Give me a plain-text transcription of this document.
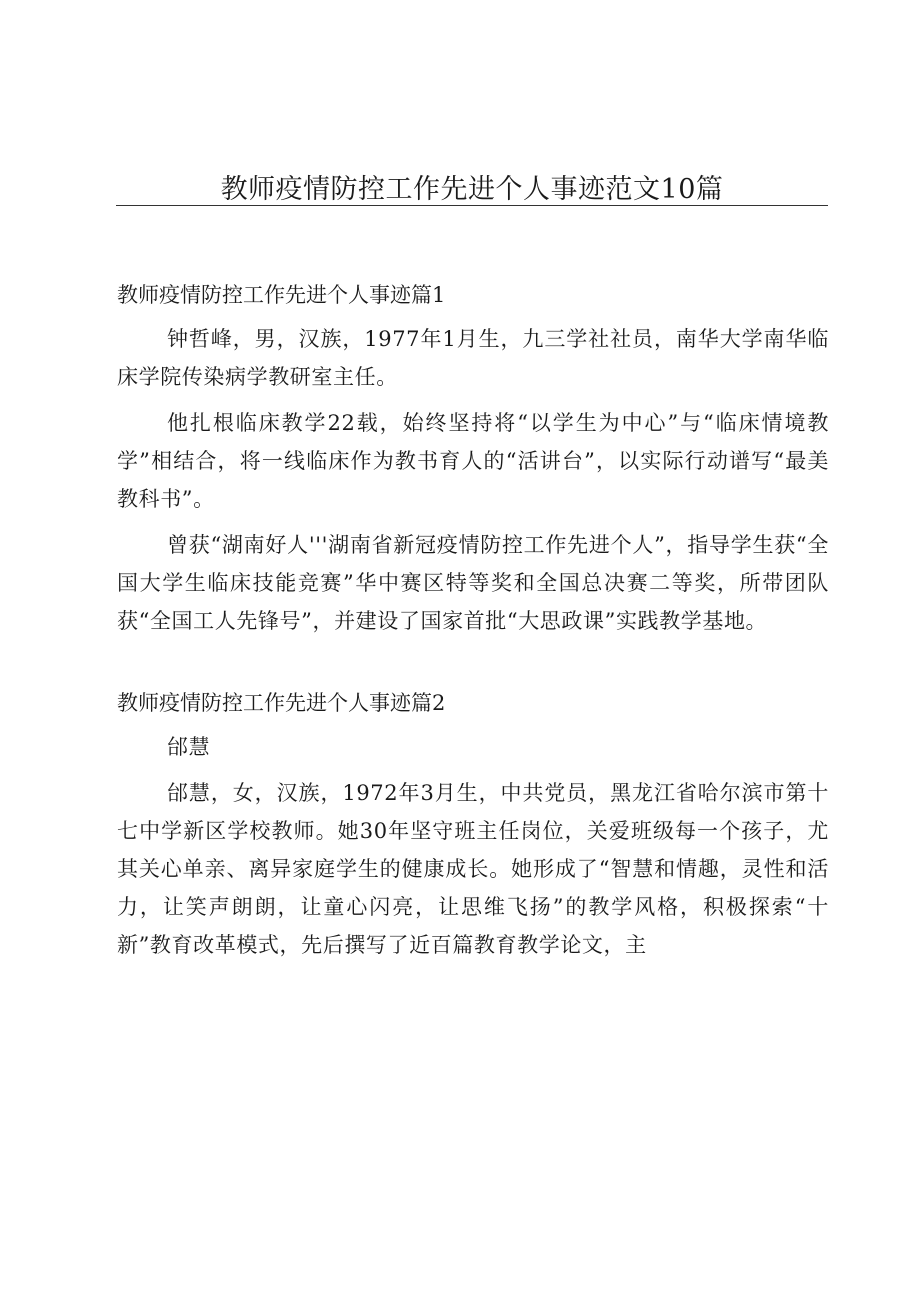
教师疫情防控工作先进个人事迹范文10篇
教师疫情防控工作先进个人事迹篇1

钟哲峰，男，汉族，1977年1月生，九三学社社员，南华大学南华临床学院传染病学教研室主任。

他扎根临床教学22载，始终坚持将“以学生为中心”与“临床情境教学”相结合，将一线临床作为教书育人的“活讲台”，以实际行动谱写“最美教科书”。

曾获“湖南好人'''湖南省新冠疫情防控工作先进个人”，指导学生获“全国大学生临床技能竞赛”华中赛区特等奖和全国总决赛二等奖，所带团队获“全国工人先锋号”，并建设了国家首批“大思政课”实践教学基地。

教师疫情防控工作先进个人事迹篇2

邰慧

邰慧，女，汉族，1972年3月生，中共党员，黑龙江省哈尔滨市第十七中学新区学校教师。她30年坚守班主任岗位，关爱班级每一个孩子，尤其关心单亲、离异家庭学生的健康成长。她形成了“智慧和情趣，灵性和活力，让笑声朗朗，让童心闪亮，让思维飞扬”的教学风格，积极探索“十新”教育改革模式，先后撰写了近百篇教育教学论文，主
